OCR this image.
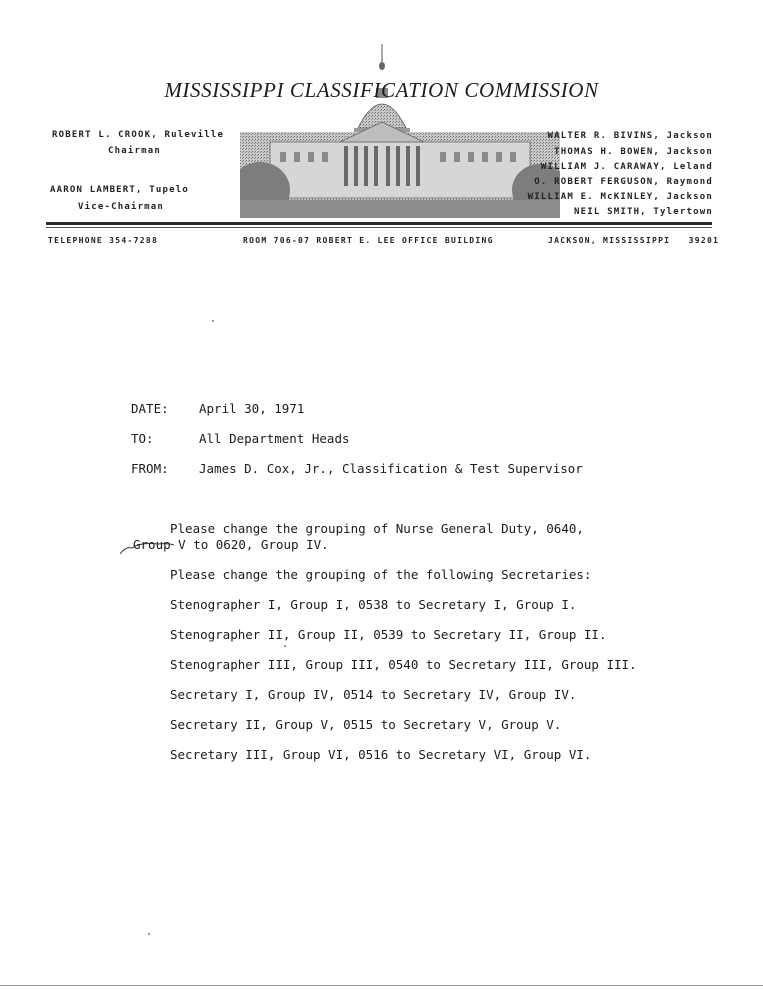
MISSISSIPPI CLASSIFICATION COMMISSION
ROBERT L. CROOK, Ruleville
Chairman
AARON LAMBERT, Tupelo
Vice-Chairman
WALTER R. BIVINS, Jackson
THOMAS H. BOWEN, Jackson
WILLIAM J. CARAWAY, Leland
O. ROBERT FERGUSON, Raymond
WILLIAM E. McKINLEY, Jackson
NEIL SMITH, Tylertown
TELEPHONE 354-7288	ROOM 706-07 ROBERT E. LEE OFFICE BUILDING	JACKSON, MISSISSIPPI   39201
DATE: April 30, 1971
TO:	All Department Heads
FROM: James D. Cox, Jr., Classification & Test Supervisor
Please change the grouping of Nurse General Duty, 0640,
Group V to 0620, Group IV.
Please change the grouping of the following Secretaries:
Stenographer I, Group I, 0538 to Secretary I, Group I.
Stenographer II, Group II, 0539 to Secretary II, Group II.
Stenographer III, Group III, 0540 to Secretary III, Group III.
Secretary I, Group IV, 0514 to Secretary IV, Group IV.
Secretary II, Group V, 0515 to Secretary V, Group V.
Secretary III, Group VI, 0516 to Secretary VI, Group VI.
